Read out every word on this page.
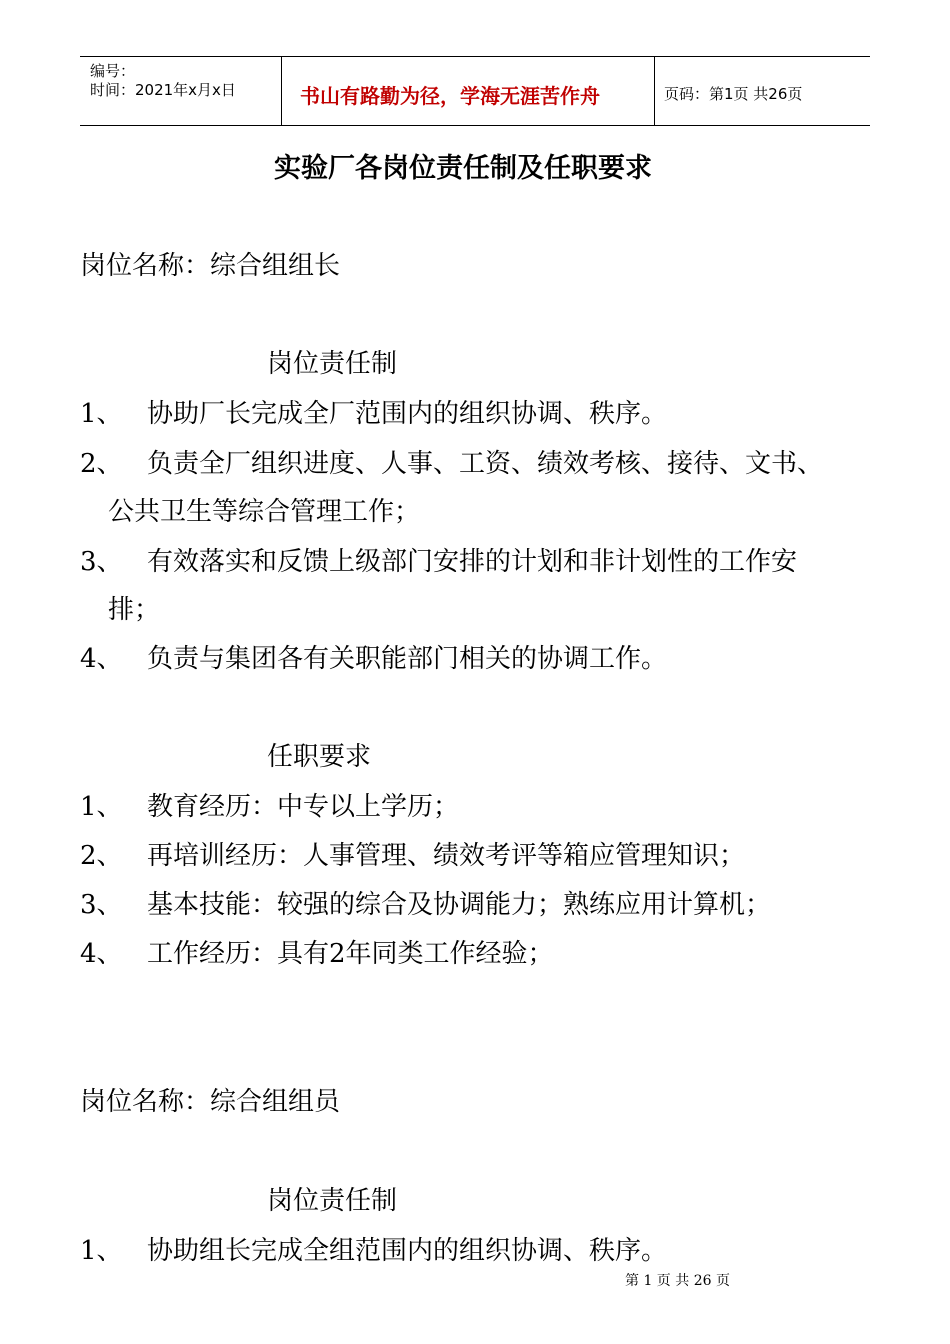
编号：
时间：2021年x月x日	书山有路勤为径，学海无涯苦作舟	页码：第1页 共26页
实验厂各岗位责任制及任职要求
岗位名称：综合组组长
岗位责任制
1、 协助厂长完成全厂范围内的组织协调、秩序。
2、 负责全厂组织进度、人事、工资、绩效考核、接待、文书、
公共卫生等综合管理工作；
3、 有效落实和反馈上级部门安排的计划和非计划性的工作安
排；
4、 负责与集团各有关职能部门相关的协调工作。
任职要求
1、 教育经历：中专以上学历；
2、 再培训经历：人事管理、绩效考评等箱应管理知识；
3、 基本技能：较强的综合及协调能力；熟练应用计算机；
4、 工作经历：具有2年同类工作经验；
岗位名称：综合组组员
岗位责任制
1、 协助组长完成全组范围内的组织协调、秩序。
第 1 页 共 26 页
